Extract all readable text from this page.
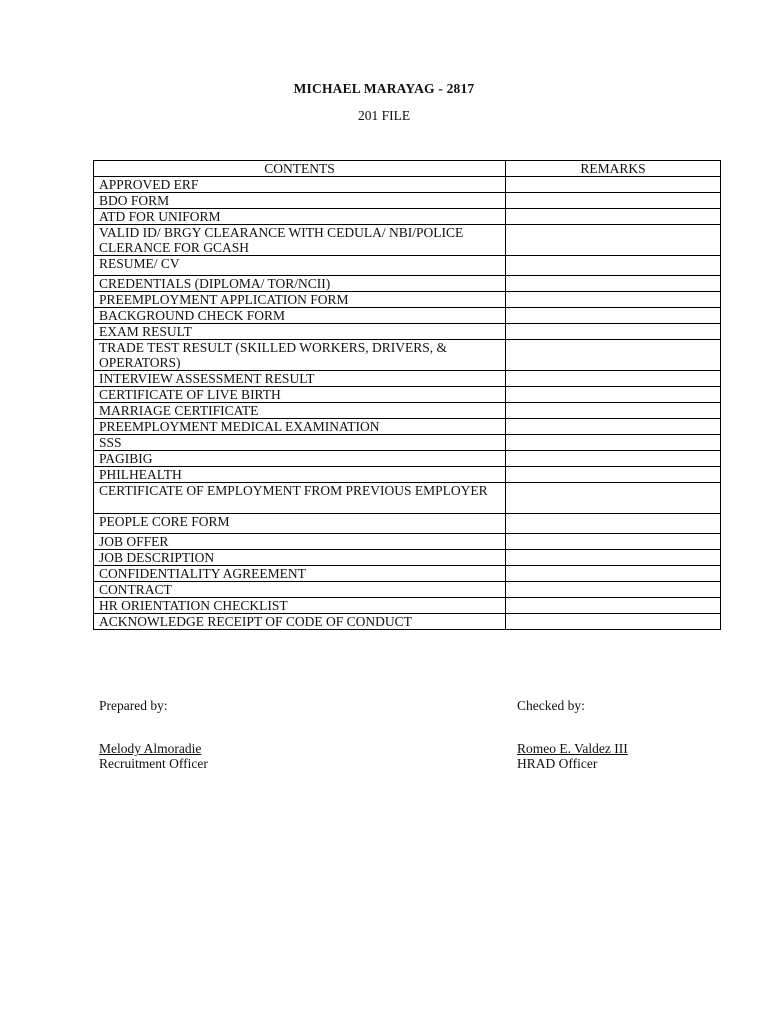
MICHAEL MARAYAG - 2817
201 FILE
CONTENTS	REMARKS
APPROVED ERF	
BDO FORM	
ATD FOR UNIFORM	
VALID ID/ BRGY CLEARANCE WITH CEDULA/ NBI/POLICE CLERANCE FOR GCASH	
RESUME/ CV	
CREDENTIALS (DIPLOMA/ TOR/NCII)	
PREEMPLOYMENT APPLICATION FORM	
BACKGROUND CHECK FORM	
EXAM RESULT	
TRADE TEST RESULT (SKILLED WORKERS, DRIVERS, & OPERATORS)	
INTERVIEW ASSESSMENT RESULT	
CERTIFICATE OF LIVE BIRTH	
MARRIAGE CERTIFICATE	
PREEMPLOYMENT MEDICAL EXAMINATION	
SSS	
PAGIBIG	
PHILHEALTH	
CERTIFICATE OF EMPLOYMENT FROM PREVIOUS EMPLOYER	
PEOPLE CORE FORM	
JOB OFFER	
JOB DESCRIPTION	
CONFIDENTIALITY AGREEMENT	
CONTRACT	
HR ORIENTATION CHECKLIST	
ACKNOWLEDGE RECEIPT OF CODE OF CONDUCT	
Prepared by:
Melody Almoradie
Recruitment Officer
Checked by:
Romeo E. Valdez III
HRAD Officer
